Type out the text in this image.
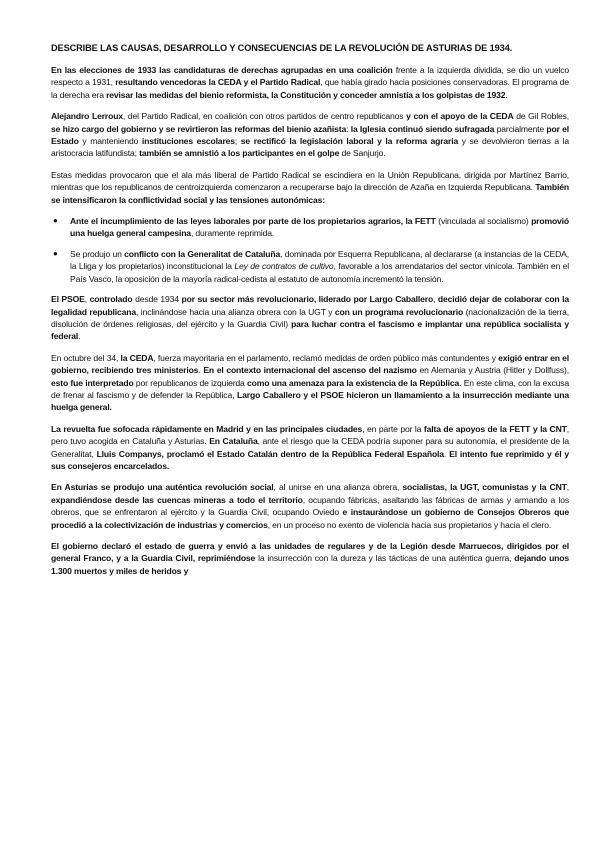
DESCRIBE LAS CAUSAS, DESARROLLO Y CONSECUENCIAS DE LA REVOLUCIÓN DE ASTURIAS DE 1934.

En las elecciones de 1933 las candidaturas de derechas agrupadas en una coalición frente a la izquierda dividida, se dio un vuelco respecto a 1931, resultando vencedoras la CEDA y el Partido Radical, que había girado hacia posiciones conservadoras. El programa de la derecha era revisar las medidas del bienio reformista, la Constitución y conceder amnistía a los golpistas de 1932.

Alejandro Lerroux, del Partido Radical, en coalición con otros partidos de centro republicanos y con el apoyo de la CEDA de Gil Robles, se hizo cargo del gobierno y se revirtieron las reformas del bienio azañista: la Iglesia continuó siendo sufragada parcialmente por el Estado y manteniendo instituciones escolares; se rectificó la legislación laboral y la reforma agraria y se devolvieron tierras a la aristocracia latifundista; también se amnistió a los participantes en el golpe de Sanjurjo.

Estas medidas provocaron que el ala más liberal de Partido Radical se escindiera en la Unión Republicana, dirigida por Martínez Barrio, mientras que los republicanos de centroizquierda comenzaron a recuperarse bajo la dirección de Azaña en Izquierda Republicana. También se intensificaron la conflictividad social y las tensiones autonómicas:

● Ante el incumplimiento de las leyes laborales por parte de los propietarios agrarios, la FETT (vinculada al socialismo) promovió una huelga general campesina, duramente reprimida.
● Se produjo un conflicto con la Generalitat de Cataluña, dominada por Esquerra Republicana, al declararse (a instancias de la CEDA, la Lliga y los propietarios) inconstitucional la Ley de contratos de cultivo, favorable a los arrendatarios del sector vinícola. También en el País Vasco, la oposición de la mayoría radical-cedista al estatuto de autonomía incrementó la tensión.

El PSOE, controlado desde 1934 por su sector más revolucionario, liderado por Largo Caballero, decidió dejar de colaborar con la legalidad republicana, inclinándose hacia una alianza obrera con la UGT y con un programa revolucionario (nacionalización de la tierra, disolución de órdenes religiosas, del ejército y la Guardia Civil) para luchar contra el fascismo e implantar una república socialista y federal.

En octubre del 34, la CEDA, fuerza mayoritaria en el parlamento, reclamó medidas de orden público más contundentes y exigió entrar en el gobierno, recibiendo tres ministerios. En el contexto internacional del ascenso del nazismo en Alemania y Austria (Hitler y Dollfuss), esto fue interpretado por republicanos de izquierda como una amenaza para la existencia de la República. En este clima, con la excusa de frenar al fascismo y de defender la República, Largo Caballero y el PSOE hicieron un llamamiento a la insurrección mediante una huelga general.

La revuelta fue sofocada rápidamente en Madrid y en las principales ciudades, en parte por la falta de apoyos de la FETT y la CNT, pero tuvo acogida en Cataluña y Asturias. En Cataluña, ante el riesgo que la CEDA podría suponer para su autonomía, el presidente de la Generalitat, Lluis Companys, proclamó el Estado Catalán dentro de la República Federal Española. El intento fue reprimido y él y sus consejeros encarcelados.

En Asturias se produjo una auténtica revolución social, al unirse en una alianza obrera, socialistas, la UGT, comunistas y la CNT, expandiéndose desde las cuencas mineras a todo el territorio, ocupando fábricas, asaltando las fábricas de armas y armando a los obreros, que se enfrentaron al ejército y la Guardia Civil, ocupando Oviedo e instaurándose un gobierno de Consejos Obreros que procedió a la colectivización de industrias y comercios, en un proceso no exento de violencia hacia sus propietarios y hacia el clero.

El gobierno declaró el estado de guerra y envió a las unidades de regulares y de la Legión desde Marruecos, dirigidos por el general Franco, y a la Guardia Civil, reprimiéndose la insurrección con la dureza y las tácticas de una auténtica guerra, dejando unos 1.300 muertos y miles de heridos y
